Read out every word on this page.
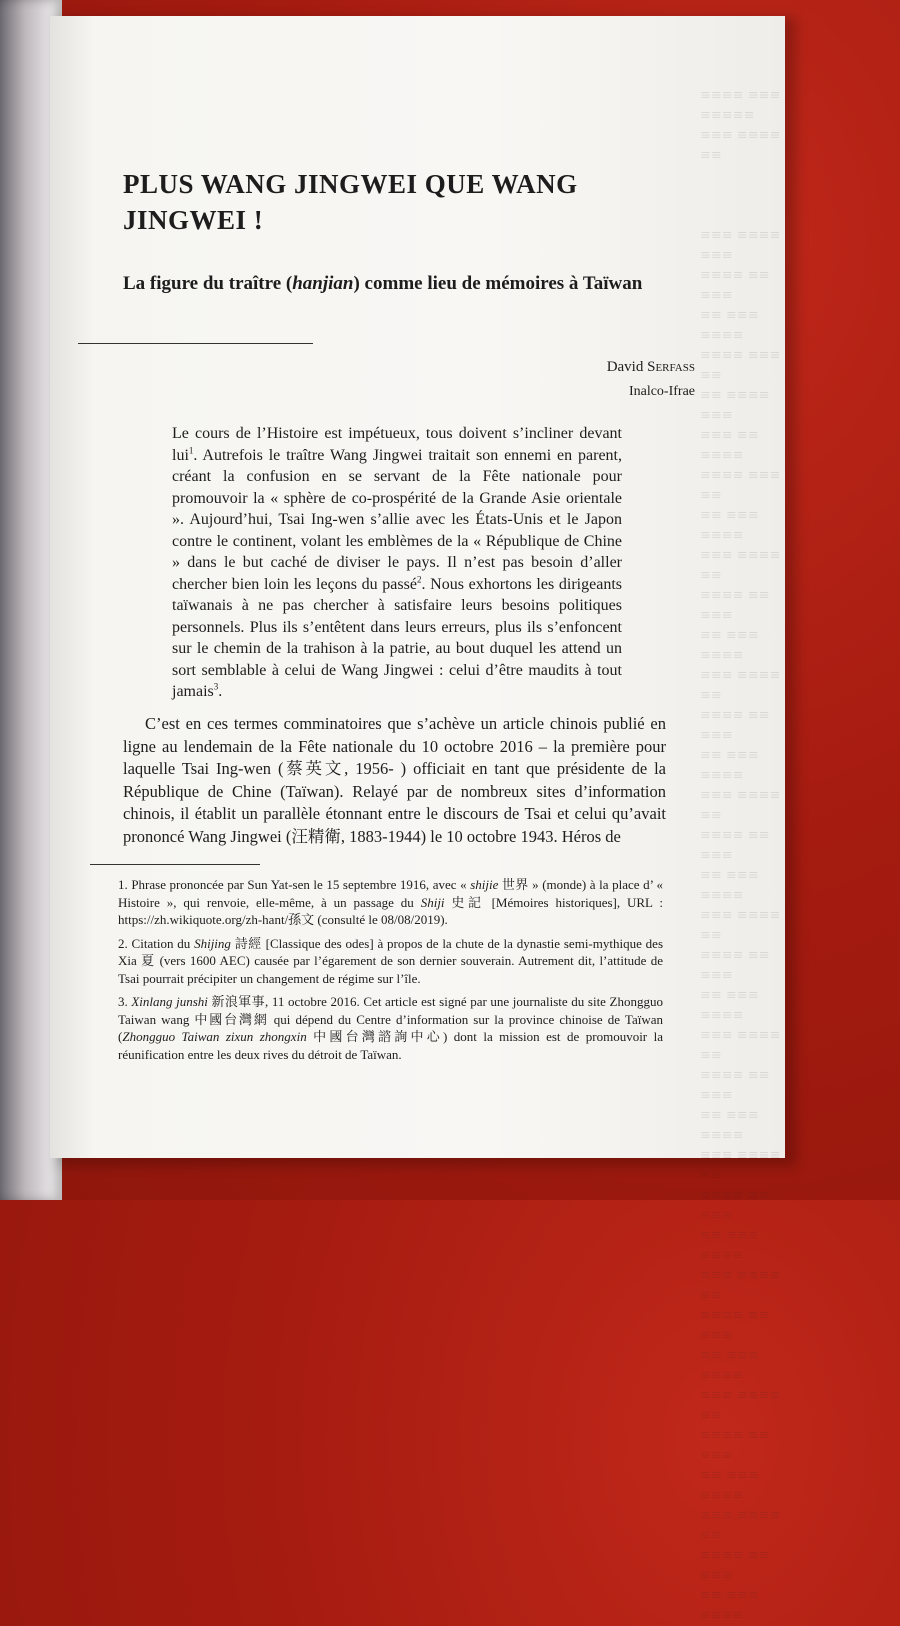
≡≡≡≡ ≡≡≡ ≡≡≡≡≡
≡≡≡ ≡≡≡≡ ≡≡

≡≡≡ ≡≡≡≡ ≡≡≡
≡≡≡≡ ≡≡ ≡≡≡
≡≡ ≡≡≡ ≡≡≡≡
≡≡≡≡ ≡≡≡ ≡≡
≡≡ ≡≡≡≡ ≡≡≡
≡≡≡ ≡≡ ≡≡≡≡
≡≡≡≡ ≡≡≡ ≡≡
≡≡ ≡≡≡ ≡≡≡≡
≡≡≡ ≡≡≡≡ ≡≡
≡≡≡≡ ≡≡ ≡≡≡
≡≡ ≡≡≡ ≡≡≡≡
≡≡≡ ≡≡≡≡ ≡≡
≡≡≡≡ ≡≡ ≡≡≡
≡≡ ≡≡≡ ≡≡≡≡
≡≡≡ ≡≡≡≡ ≡≡
≡≡≡≡ ≡≡ ≡≡≡
≡≡ ≡≡≡ ≡≡≡≡
≡≡≡ ≡≡≡≡ ≡≡
≡≡≡≡ ≡≡ ≡≡≡
≡≡ ≡≡≡ ≡≡≡≡
≡≡≡ ≡≡≡≡ ≡≡
≡≡≡≡ ≡≡ ≡≡≡
≡≡ ≡≡≡ ≡≡≡≡
≡≡≡ ≡≡≡≡ ≡≡
≡≡≡≡ ≡≡ ≡≡≡
≡≡ ≡≡≡ ≡≡≡≡
≡≡≡ ≡≡≡≡ ≡≡
≡≡≡≡ ≡≡ ≡≡≡
≡≡ ≡≡≡ ≡≡≡≡
≡≡≡ ≡≡≡≡ ≡≡
≡≡≡≡ ≡≡ ≡≡≡
≡≡ ≡≡≡ ≡≡≡≡
≡≡≡ ≡≡≡≡ ≡≡
≡≡≡≡ ≡≡ ≡≡≡
≡≡ ≡≡≡ ≡≡≡≡
PLUS WANG JINGWEI QUE WANG JINGWEI !
La figure du traître (hanjian) comme lieu de mémoires à Taïwan
David Serfass
Inalco-Ifrae

Le cours de l’Histoire est impétueux, tous doivent s’incliner devant lui$^1$. Autrefois le traître Wang Jingwei traitait son ennemi en parent, créant la confusion en se servant de la Fête nationale pour promouvoir la « sphère de co-prospérité de la Grande Asie orientale ». Aujourd’hui, Tsai Ing-wen s’allie avec les États-Unis et le Japon contre le continent, volant les emblèmes de la « République de Chine » dans le but caché de diviser le pays. Il n’est pas besoin d’aller chercher bien loin les leçons du passé$^2$. Nous exhortons les dirigeants taïwanais à ne pas chercher à satisfaire leurs besoins politiques personnels. Plus ils s’entêtent dans leurs erreurs, plus ils s’enfoncent sur le chemin de la trahison à la patrie, au bout duquel les attend un sort semblable à celui de Wang Jingwei : celui d’être maudits à tout jamais$^3$.

C’est en ces termes comminatoires que s’achève un article chinois publié en ligne au lendemain de la Fête nationale du 10 octobre 2016 – la première pour laquelle Tsai Ing-wen (蔡英文, 1956- ) officiait en tant que présidente de la République de Chine (Taïwan). Relayé par de nombreux sites d’information chinois, il établit un parallèle étonnant entre le discours de Tsai et celui qu’avait prononcé Wang Jingwei (汪精衛, 1883-1944) le 10 octobre 1943. Héros de

1. Phrase prononcée par Sun Yat-sen le 15 septembre 1916, avec « shijie 世界 » (monde) à la place d’ « Histoire », qui renvoie, elle-même, à un passage du Shiji 史記 [Mémoires historiques], URL : https://zh.wikiquote.org/zh-hant/孫文 (consulté le 08/08/2019).

2. Citation du Shijing 詩經 [Classique des odes] à propos de la chute de la dynastie semi-mythique des Xia 夏 (vers 1600 AEC) causée par l’égarement de son dernier souverain. Autrement dit, l’attitude de Tsai pourrait précipiter un changement de régime sur l’île.

3. Xinlang junshi 新浪軍事, 11 octobre 2016. Cet article est signé par une journaliste du site Zhongguo Taiwan wang 中國台灣網 qui dépend du Centre d’information sur la province chinoise de Taïwan (Zhongguo Taiwan zixun zhongxin 中國台灣諮詢中心) dont la mission est de promouvoir la réunification entre les deux rives du détroit de Taïwan.
